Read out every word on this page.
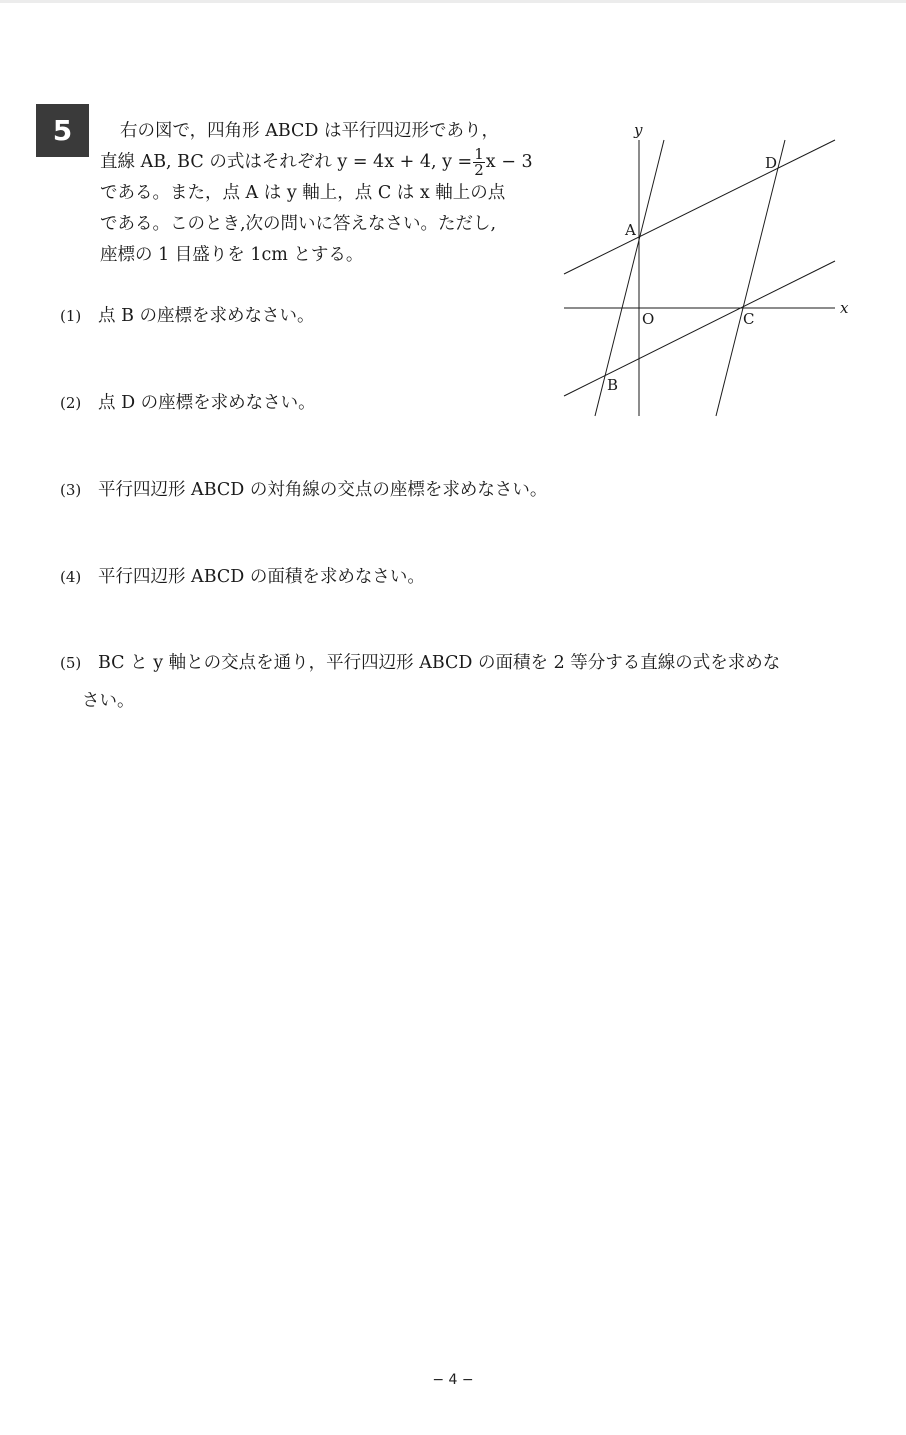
5	右の図で，四角形 ABCD は平行四辺形であり，
直線 AB, BC の式はそれぞれ y = 4x + 4, $y = \frac{1}{2}$ x − 3
である。また，点 A は y 軸上，点 C は x 軸上の点
である。このとき,次の問いに答えなさい。ただし,
座標の 1 目盛りを 1cm とする。
y
x
O
A
B
C
D
(1) 点 B の座標を求めなさい。
(2) 点 D の座標を求めなさい。
(3) 平行四辺形 ABCD の対角線の交点の座標を求めなさい。
(4) 平行四辺形 ABCD の面積を求めなさい。
(5) BC と y 軸との交点を通り，平行四辺形 ABCD の面積を 2 等分する直線の式を求めな
さい。
− 4 −
